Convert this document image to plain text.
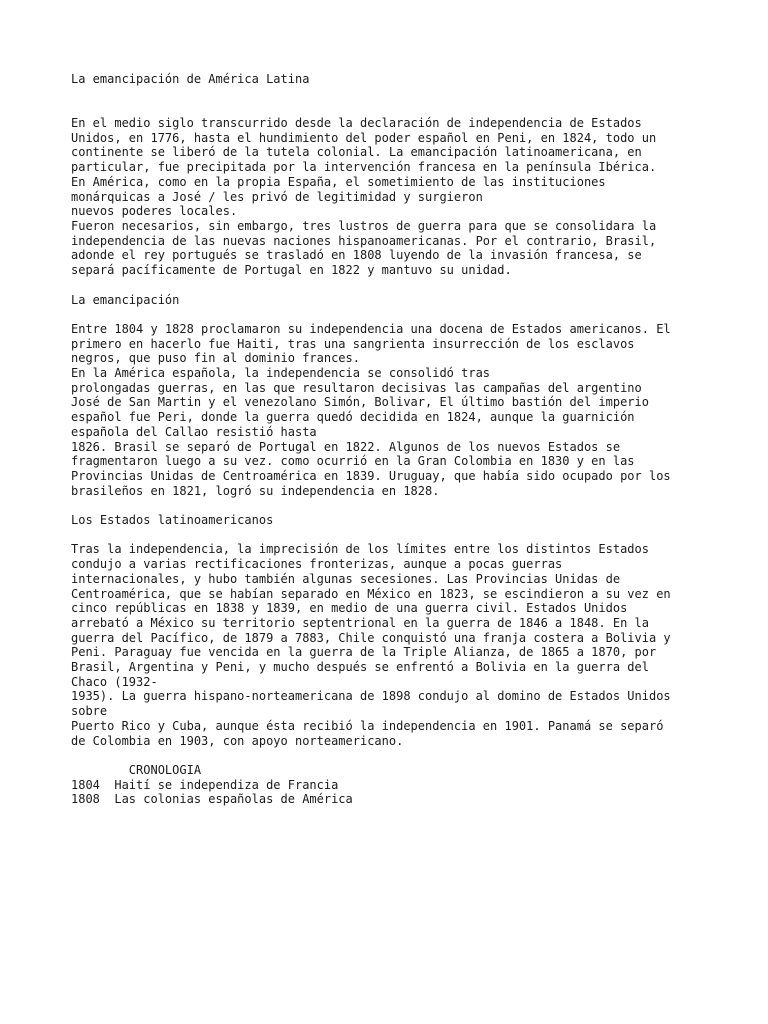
La emancipación de América Latina
En el medio siglo transcurrido desde la declaración de independencia de Estados
Unidos, en 1776, hasta el hundimiento del poder español en Peni, en 1824, todo un
continente se liberó de la tutela colonial. La emancipación latinoamericana, en
particular, fue precipitada por la intervención francesa en la península Ibérica.
En América, como en la propia España, el sometimiento de las instituciones
monárquicas a José / les privó de legitimidad y surgieron
nuevos poderes locales.
Fueron necesarios, sin embargo, tres lustros de guerra para que se consolidara la
independencia de las nuevas naciones hispanoamericanas. Por el contrario, Brasil,
adonde el rey portugués se trasladó en 1808 luyendo de la invasión francesa, se
separá pacíficamente de Portugal en 1822 y mantuvo su unidad.
La emancipación
Entre 1804 y 1828 proclamaron su independencia una docena de Estados americanos. El
primero en hacerlo fue Haiti, tras una sangrienta insurrección de los esclavos
negros, que puso fin al dominio frances.
En la América española, la independencia se consolidó tras
prolongadas guerras, en las que resultaron decisivas las campañas del argentino
José de San Martin y el venezolano Simón, Bolivar, El último bastión del imperio
español fue Peri, donde la guerra quedó decidida en 1824, aunque la guarnición
española del Callao resistió hasta
1826. Brasil se separó de Portugal en 1822. Algunos de los nuevos Estados se
fragmentaron luego a su vez. como ocurrió en la Gran Colombia en 1830 y en las
Provincias Unidas de Centroamérica en 1839. Uruguay, que había sido ocupado por los
brasileños en 1821, logró su independencia en 1828.
Los Estados latinoamericanos
Tras la independencia, la imprecisión de los límites entre los distintos Estados
condujo a varias rectificaciones fronterizas, aunque a pocas guerras
internacionales, y hubo también algunas secesiones. Las Provincias Unidas de
Centroamérica, que se habían separado en México en 1823, se escindieron a su vez en
cinco repúblicas en 1838 y 1839, en medio de una guerra civil. Estados Unidos
arrebató a México su territorio septentrional en la guerra de 1846 a 1848. En la
guerra del Pacífico, de 1879 a 7883, Chile conquistó una franja costera a Bolivia y
Peni. Paraguay fue vencida en la guerra de la Triple Alianza, de 1865 a 1870, por
Brasil, Argentina y Peni, y mucho después se enfrentó a Bolivia en la guerra del
Chaco (1932-
1935). La guerra hispano-norteamericana de 1898 condujo al domino de Estados Unidos
sobre
Puerto Rico y Cuba, aunque ésta recibió la independencia en 1901. Panamá se separó
de Colombia en 1903, con apoyo norteamericano.
CRONOLOGIA
1804  Haití se independiza de Francia
1808  Las colonias españolas de América
